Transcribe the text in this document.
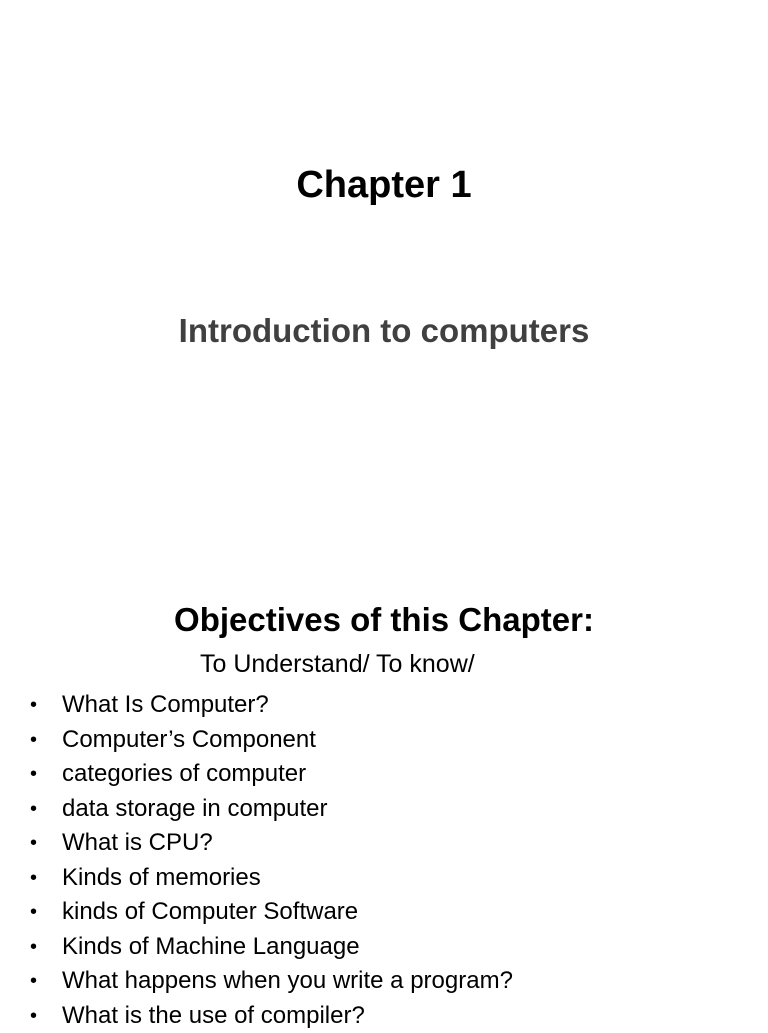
Chapter 1
Introduction to computers
Objectives of this Chapter:
To Understand/ To know/
•	What Is Computer?
•	Computer’s Component
•	categories of computer
•	data storage in computer
•	What is CPU?
•	Kinds of memories
•	kinds of Computer Software
•	Kinds of Machine Language
•	What happens when you write a program?
•	What is the use of compiler?
